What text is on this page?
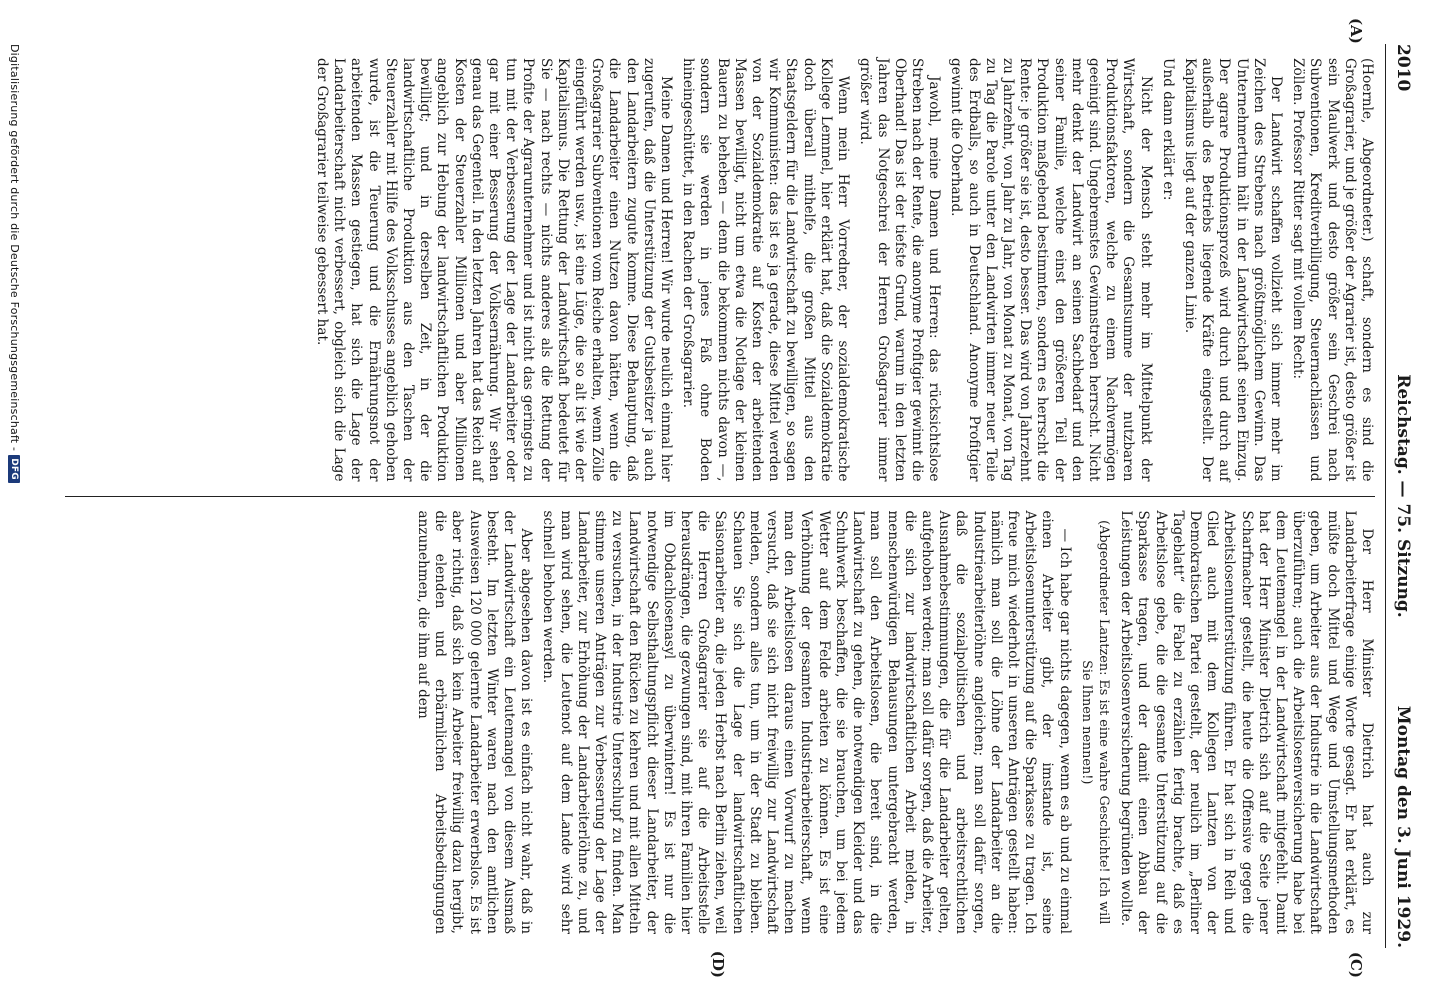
2010
Reichstag. — 75. Sitzung.
Montag den 3. Juni 1929.
(A)
(C)
(D)

(Hoernle, Abgeordneter.) schaft, sondern es sind die Großagrarier, und je größer der Agrarier ist, desto größer ist sein Maulwerk und desto größer sein Geschrei nach Subventionen, Kreditverbilligung, Steuernachlässen und Zöllen. Professor Ritter sagt mit vollem Recht:

Der Landwirt schaffen vollzieht sich immer mehr im Zeichen des Strebens nach größtmöglichem Gewinn. Das Unternehmertum hält in der Landwirtschaft seinen Einzug. Der agrare Produktionsprozeß wird durch und durch auf außerhalb des Betriebs liegende Kräfte eingestellt. Der Kapitalismus liegt auf der ganzen Linie.

Und dann erklärt er:

Nicht der Mensch steht mehr im Mittelpunkt der Wirtschaft, sondern die Gesamtsumme der nutzbaren Produktionsfaktoren, welche zu einem Nachvermögen geeinigt sind. Ungebremstes Gewinnstreben herrscht. Nicht mehr denkt der Landwirt an seinen Sachbedarf und den seiner Familie, welche einst den größeren Teil der Produktion maßgebend bestimmten, sondern es herrscht die Rente: je größer sie ist, desto besser. Das wird von Jahrzehnt zu Jahrzehnt, von Jahr zu Jahr, von Monat zu Monat, von Tag zu Tag die Parole unter den Landwirten immer neuer Teile des Erdballs, so auch in Deutschland. Anonyme Profitgier gewinnt die Oberhand.

Jawohl, meine Damen und Herren: das rücksichtslose Streben nach der Rente, die anonyme Profitgier gewinnt die Oberhand! Das ist der tiefste Grund, warum in den letzten Jahren das Notgeschrei der Herren Großagrarier immer größer wird.

Wenn mein Herr Vorredner, der sozialdemokratische Kollege Lemmel, hier erklärt hat, daß die Sozialdemokratie doch überall mithelfe, die großen Mittel aus den Staatsgeldern für die Landwirtschaft zu bewilligen, so sagen wir Kommunisten: das ist es ja gerade, diese Mittel werden von der Sozialdemokratie auf Kosten der arbeitenden Massen bewilligt, nicht um etwa die Notlage der kleinen Bauern zu beheben — denn die bekommen nichts davon —, sondern sie werden in jenes Faß ohne Boden hineingeschüttet, in den Rachen der Großagrarier.

Meine Damen und Herren! Wir wurde neulich einmal hier zugerufen, daß die Unterstützung der Gutsbesitzer ja auch den Landarbeitern zugute komme. Diese Behauptung, daß die Landarbeiter einen Nutzen davon hätten, wenn die Großagrarier Subventionen vom Reiche erhalten, wenn Zölle eingeführt werden usw., ist eine Lüge, die so alt ist wie der Kapitalismus. Die Rettung der Landwirtschaft bedeutet für Sie — nach rechts — nichts anderes als die Rettung der Profite der Agrarunternehmer und ist nicht das geringste zu tun mit der Verbesserung der Lage der Landarbeiter oder gar mit einer Besserung der Volksernährung. Wir sehen genau das Gegenteil. In den letzten Jahren hat das Reich auf Kosten der Steuerzahler Millionen und aber Millionen angeblich zur Hebung der landwirtschaftlichen Produktion bewilligt; und in derselben Zeit, in der die landwirtschaftliche Produktion aus den Taschen der Steuerzahler mit Hilfe des Volksschusses angeblich gehoben wurde, ist die Teuerung und die Ernährungsnot der arbeitenden Massen gestiegen, hat sich die Lage der Landarbeiterschaft nicht verbessert, obgleich sich die Lage der Großagrarier teilweise gebessert hat.

Der Herr Minister Dietrich hat auch zur Landarbeiterfrage einige Worte gesagt. Er hat erklärt, es müßte doch Mittel und Wege und Umstellungsmethoden geben, um Arbeiter aus der Industrie in die Landwirtschaft überzuführen; auch die Arbeitslosenversicherung habe bei dem Leutemangel in der Landwirtschaft mitgefehlt. Damit hat der Herr Minister Dietrich sich auf die Seite jener Scharfmacher gestellt, die heute die Offensive gegen die Arbeitslosenunterstützung führen. Er hat sich in Reih und Glied auch mit dem Kollegen Lantzen von der Demokratischen Partei gestellt, der neulich im „Berliner Tageblatt“ die Fabel zu erzählen fertig brachte, daß es Arbeitslose gebe, die die gesamte Unterstützung auf die Sparkasse tragen, und der damit einen Abbau der Leistungen der Arbeitslosenversicherung begründen wollte.

(Abgeordneter Lantzen: Es ist eine wahre Geschichte! Ich will Sie Ihnen nennen!)

— Ich habe gar nichts dagegen, wenn es ab und zu einmal einen Arbeiter gibt, der imstande ist, seine Arbeitslosenunterstützung auf die Sparkasse zu tragen. Ich freue mich wiederholt in unseren Anträgen gestellt haben: nämlich man soll die Löhne der Landarbeiter an die Industriearbeiterlöhne angleichen; man soll dafür sorgen, daß die sozialpolitischen und arbeitsrechtlichen Ausnahmebestimmungen, die für die Landarbeiter gelten, aufgehoben werden; man soll dafür sorgen, daß die Arbeiter, die sich zur landwirtschaftlichen Arbeit melden, in menschenwürdigen Behausungen untergebracht werden, man soll den Arbeitslosen, die bereit sind, in die Landwirtschaft zu gehen, die notwendigen Kleider und das Schuhwerk beschaffen, die sie brauchen, um bei jedem Wetter auf dem Felde arbeiten zu können. Es ist eine Verhöhnung der gesamten Industriearbeiterschaft, wenn man den Arbeitslosen daraus einen Vorwurf zu machen versucht, daß sie sich nicht freiwillig zur Landwirtschaft melden, sondern alles tun, um in der Stadt zu bleiben. Schauen Sie sich die Lage der landwirtschaftlichen Saisonarbeiter an, die jeden Herbst nach Berlin ziehen, weil die Herren Großagrarier sie auf die Arbeitsstelle herausdrängen, die gezwungen sind, mit ihren Familien hier im Obdachlosenasyl zu überwintern! Es ist nur die notwendige Selbsthaltungspflicht dieser Landarbeiter, der Landwirtschaft den Rücken zu kehren und mit allen Mitteln zu versuchen, in der Industrie Unterschlupf zu finden. Man stimme unseren Anträgen zur Verbesserung der Lage der Landarbeiter, zur Erhöhung der Landarbeiterlöhne zu, und man wird sehen, die Leutenot auf dem Lande wird sehr schnell behoben werden.

Aber abgesehen davon ist es einfach nicht wahr, daß in der Landwirtschaft ein Leutemangel von diesem Ausmaß besteht. Im letzten Winter waren nach den amtlichen Ausweisen 120 000 gelernte Landarbeiter erwerbslos. Es ist aber richtig, daß sich kein Arbeiter freiwillig dazu hergibt, die elenden und erbärmlichen Arbeitsbedingungen anzunehmen, die ihm auf dem

Digitalisierung gefördert durch die Deutsche Forschungsgemeinschaft -
DFG
